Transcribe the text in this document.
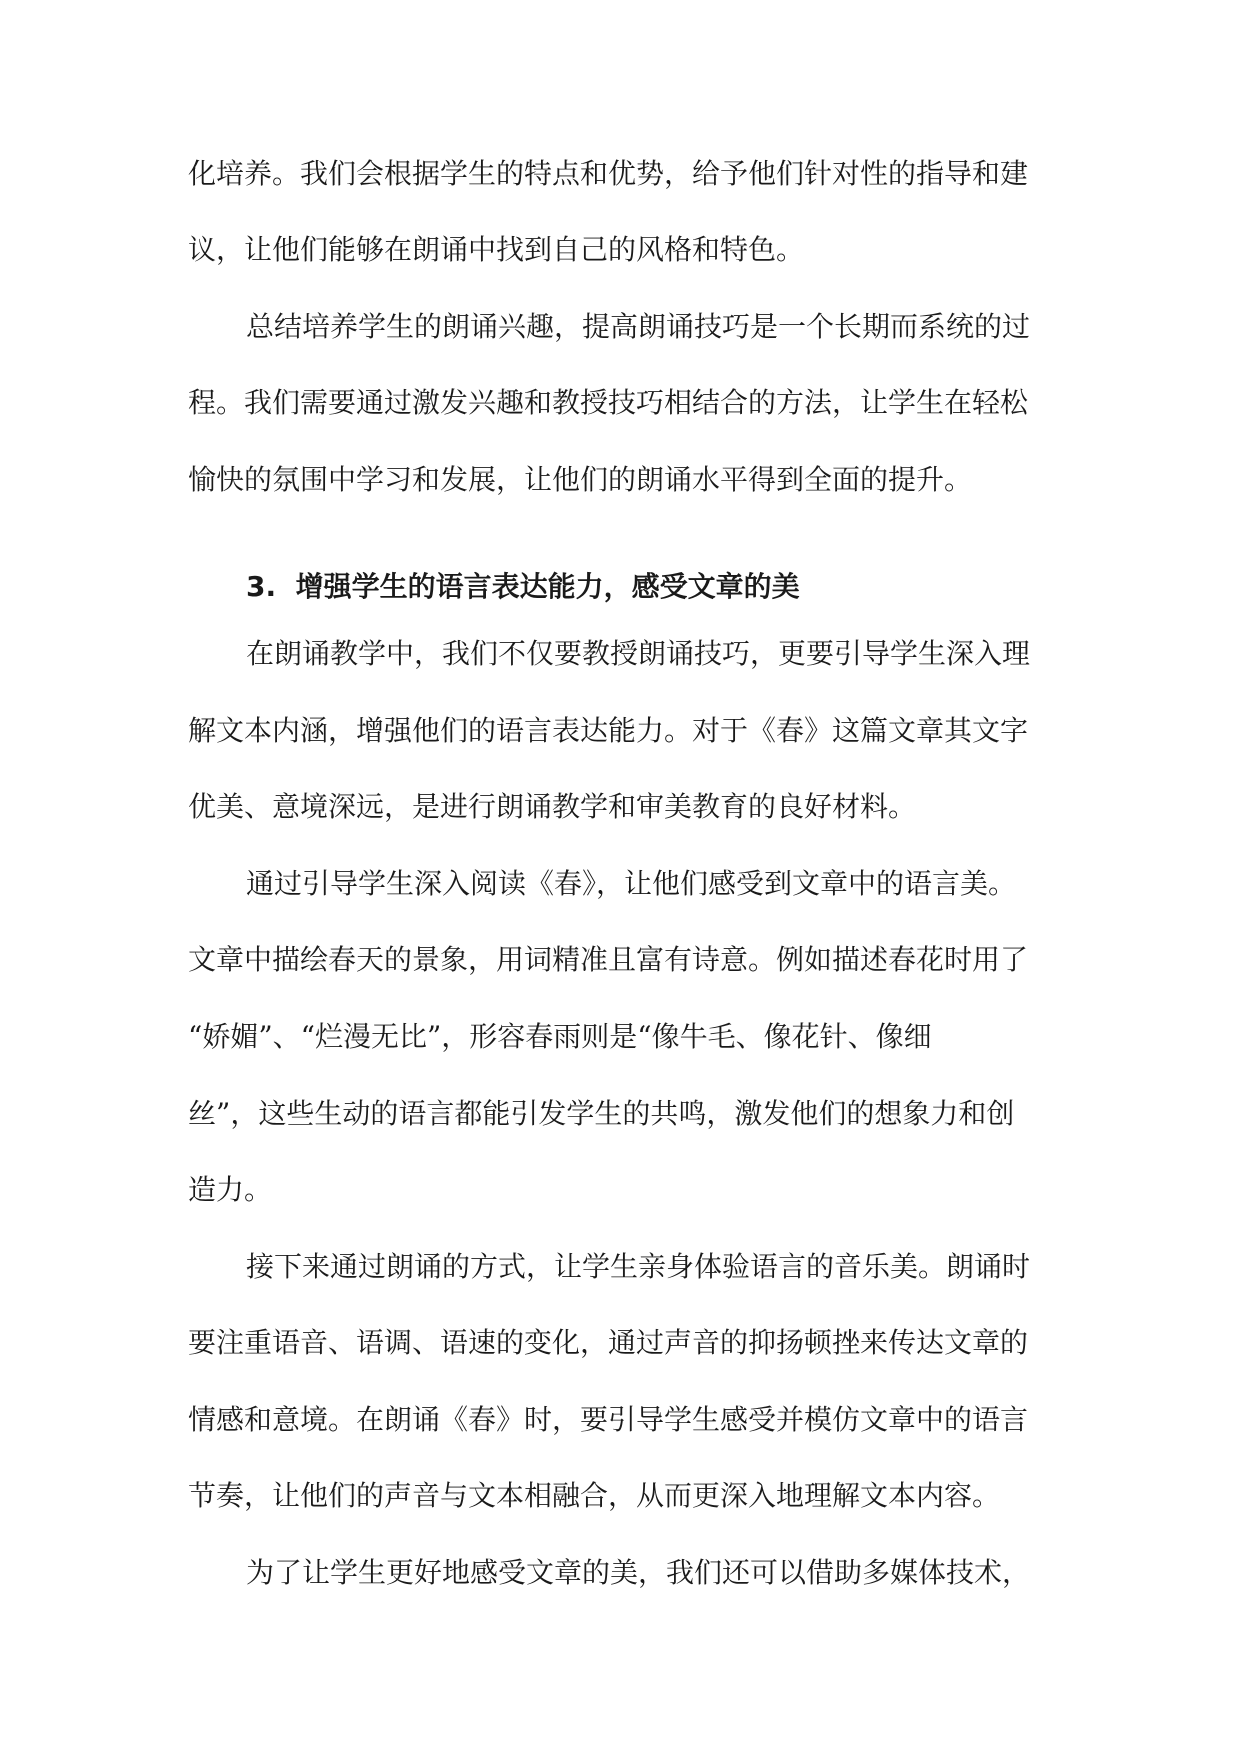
化培养。我们会根据学生的特点和优势，给予他们针对性的指导和建
议，让他们能够在朗诵中找到自己的风格和特色。
总结培养学生的朗诵兴趣，提高朗诵技巧是一个长期而系统的过
程。我们需要通过激发兴趣和教授技巧相结合的方法，让学生在轻松
愉快的氛围中学习和发展，让他们的朗诵水平得到全面的提升。
3.  增强学生的语言表达能力，感受文章的美
在朗诵教学中，我们不仅要教授朗诵技巧，更要引导学生深入理
解文本内涵，增强他们的语言表达能力。对于《春》这篇文章其文字
优美、意境深远，是进行朗诵教学和审美教育的良好材料。
通过引导学生深入阅读《春》，让他们感受到文章中的语言美。
文章中描绘春天的景象，用词精准且富有诗意。例如描述春花时用了
“娇媚”、“烂漫无比”，形容春雨则是“像牛毛、像花针、像细
丝”，这些生动的语言都能引发学生的共鸣，激发他们的想象力和创
造力。
接下来通过朗诵的方式，让学生亲身体验语言的音乐美。朗诵时
要注重语音、语调、语速的变化，通过声音的抑扬顿挫来传达文章的
情感和意境。在朗诵《春》时，要引导学生感受并模仿文章中的语言
节奏，让他们的声音与文本相融合，从而更深入地理解文本内容。
为了让学生更好地感受文章的美，我们还可以借助多媒体技术，
